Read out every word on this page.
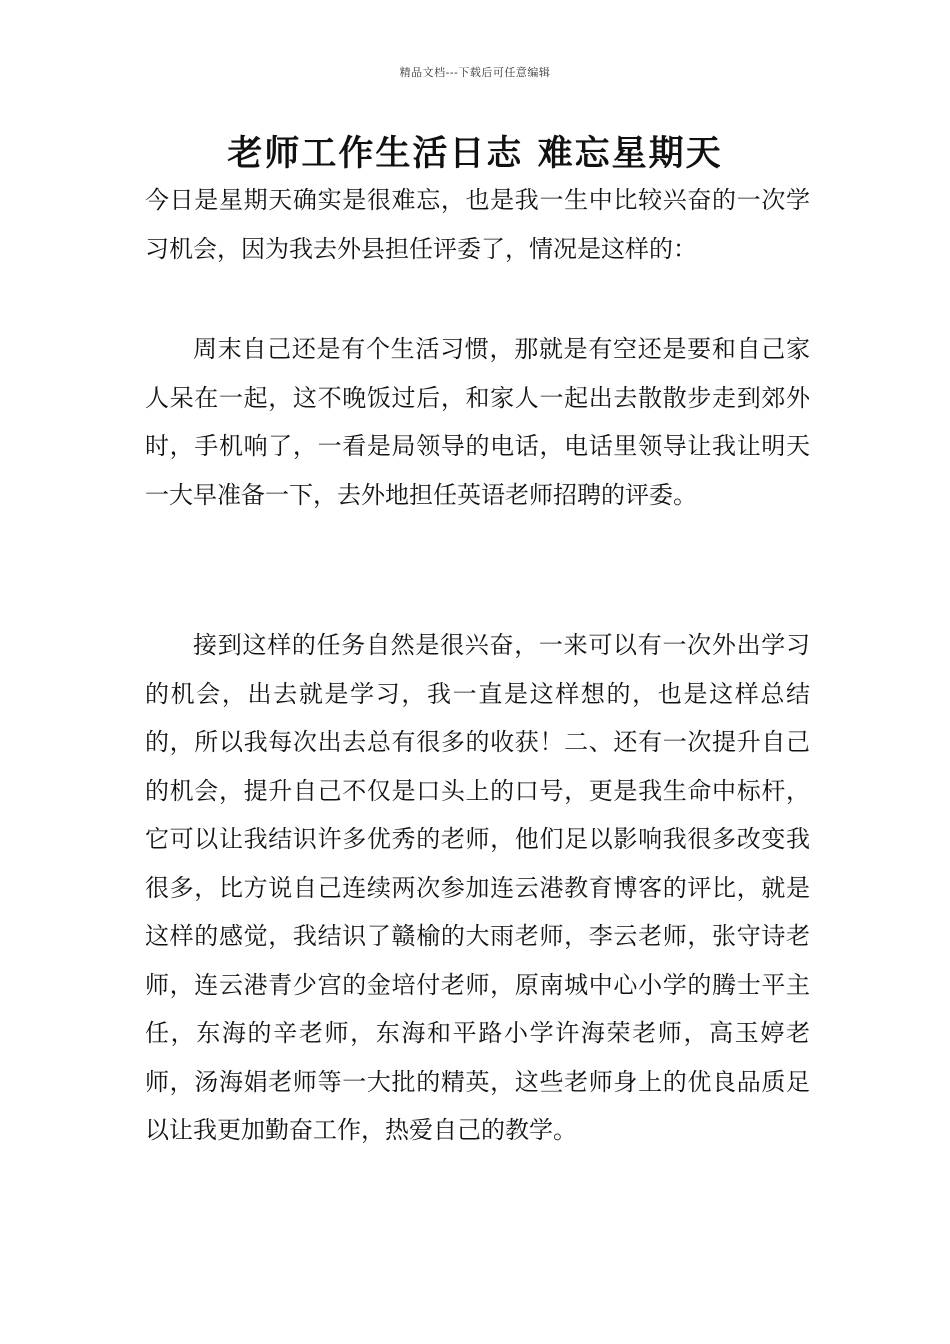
精品文档---下载后可任意编辑
老师工作生活日志 难忘星期天

今日是星期天确实是很难忘，也是我一生中比较兴奋的一次学习机会，因为我去外县担任评委了，情况是这样的：

周末自己还是有个生活习惯，那就是有空还是要和自己家人呆在一起，这不晚饭过后，和家人一起出去散散步走到郊外时，手机响了，一看是局领导的电话，电话里领导让我让明天一大早准备一下，去外地担任英语老师招聘的评委。

接到这样的任务自然是很兴奋，一来可以有一次外出学习的机会，出去就是学习，我一直是这样想的，也是这样总结的，所以我每次出去总有很多的收获！二、还有一次提升自己的机会，提升自己不仅是口头上的口号，更是我生命中标杆，它可以让我结识许多优秀的老师，他们足以影响我很多改变我很多，比方说自己连续两次参加连云港教育博客的评比，就是这样的感觉，我结识了赣榆的大雨老师，李云老师，张守诗老师，连云港青少宫的金培付老师，原南城中心小学的腾士平主任，东海的辛老师，东海和平路小学许海荣老师，高玉婷老师，汤海娟老师等一大批的精英，这些老师身上的优良品质足以让我更加勤奋工作，热爱自己的教学。
